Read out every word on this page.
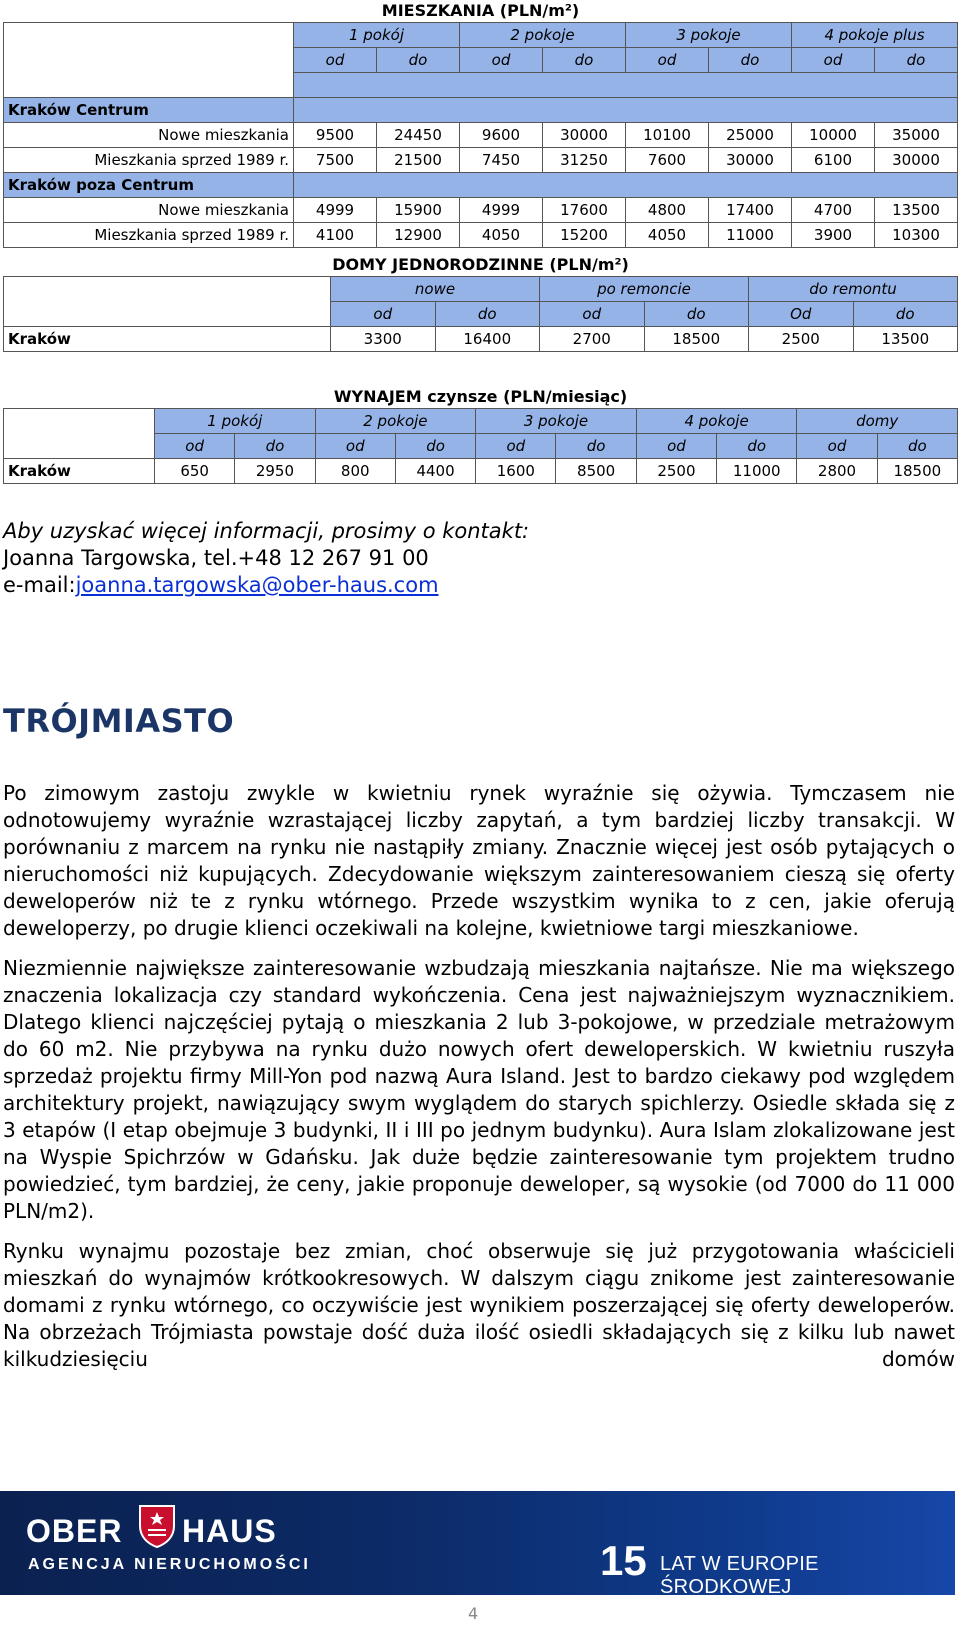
MIESZKANIA (PLN/m²)								
	1 pokój		2 pokoje		3 pokoje		4 pokoje plus	
	od	do	od	do	od	do	od	do

Kraków Centrum								
Nowe mieszkania	9500	24450	9600	30000	10100	25000	10000	35000
Mieszkania sprzed 1989 r.	7500	21500	7450	31250	7600	30000	6100	30000
Kraków poza Centrum								
Nowe mieszkania	4999	15900	4999	17600	4800	17400	4700	13500
Mieszkania sprzed 1989 r.	4100	12900	4050	15200	4050	11000	3900	10300
DOMY JEDNORODZINNE (PLN/m²)						
	nowe		po remoncie		do remontu	
	od	do	od	do	Od	do
Kraków	3300	16400	2700	18500	2500	13500
WYNAJEM czynsze (PLN/miesiąc)										
	1 pokój		2 pokoje		3 pokoje		4 pokoje		domy	
	od	do	od	do	od	do	od	do	od	do
Kraków	650	2950	800	4400	1600	8500	2500	11000	2800	18500
Aby uzyskać więcej informacji, prosimy o kontakt:
Joanna Targowska, tel.+48 12 267 91 00
e-mail:joanna.targowska@ober-haus.com
TRÓJMIASTO

Po zimowym zastoju zwykle w kwietniu rynek wyraźnie się ożywia. Tymczasem nie odnotowujemy wyraźnie wzrastającej liczby zapytań, a tym bardziej liczby transakcji. W porównaniu z marcem na rynku nie nastąpiły zmiany. Znacznie więcej jest osób pytających o nieruchomości niż kupujących. Zdecydowanie większym zainteresowaniem cieszą się oferty deweloperów niż te z rynku wtórnego. Przede wszystkim wynika to z cen, jakie oferują deweloperzy, po drugie klienci oczekiwali na kolejne, kwietniowe targi mieszkaniowe.

Niezmiennie największe zainteresowanie wzbudzają mieszkania najtańsze. Nie ma większego znaczenia lokalizacja czy standard wykończenia. Cena jest najważniejszym wyznacznikiem. Dlatego klienci najczęściej pytają o mieszkania 2 lub 3-pokojowe, w przedziale metrażowym do 60 m2. Nie przybywa na rynku dużo nowych ofert deweloperskich. W kwietniu ruszyła sprzedaż projektu firmy Mill-Yon pod nazwą Aura Island. Jest to bardzo ciekawy pod względem architektury projekt, nawiązujący swym wyglądem do starych spichlerzy. Osiedle składa się z 3 etapów (I etap obejmuje 3 budynki, II i III po jednym budynku). Aura Islam zlokalizowane jest na Wyspie Spichrzów w Gdańsku. Jak duże będzie zainteresowanie tym projektem trudno powiedzieć, tym bardziej, że ceny, jakie proponuje deweloper, są wysokie (od 7000 do 11 000 PLN/m2).

Rynku wynajmu pozostaje bez zmian, choć obserwuje się już przygotowania właścicieli mieszkań do wynajmów krótkookresowych. W dalszym ciągu znikome jest zainteresowanie domami z rynku wtórnego, co oczywiście jest wynikiem poszerzającej się oferty deweloperów. Na obrzeżach Trójmiasta powstaje dość duża ilość osiedli składających się z kilku lub nawet kilkudziesięciu domów

OBER HAUS
AGENCJA NIERUCHOMOŚCI	15 LAT W EUROPIE ŚRODKOWEJ
4
